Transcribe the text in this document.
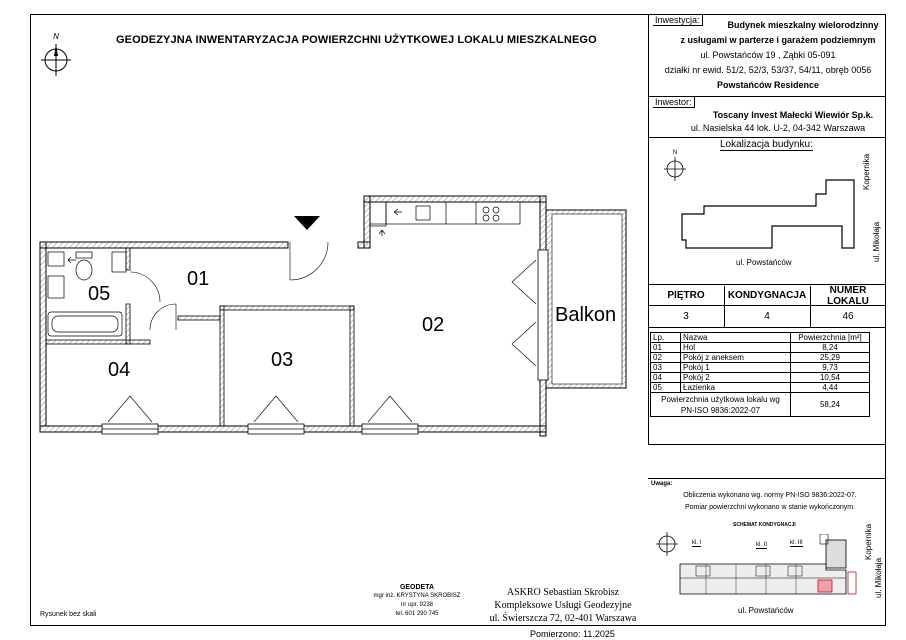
N	GEODEZYJNA INWENTARYZACJA POWIERZCHNI UŻYTKOWEJ LOKALU MIESZKALNEGO
Inwestycja:	Budynek mieszkalny wielorodzinny
z usługami w parterze i garażem podziemnym
ul. Powstańców 19 , Ząbki 05-091
działki nr ewid. 51/2, 52/3, 53/37, 54/11, obręb 0056
Powstańców Residence
Inwestor:
Toscany Invest Małecki Wiewiór Sp.k.
ul. Nasielska 44 lok. U-2, 04-342 Warszawa
Lokalizacja budynku:
N
ul. Powstańców
Kopernika
ul. Mikołaja
PIĘTRO	KONDYGNACJA	NUMER LOKALU
3	4	46
Lp.	Nazwa	Powierzchnia [m²]
01	Hol	8,24
02	Pokój z aneksem	25,29
03	Pokój 1	9,73
04	Pokój 2	10,54
05	Łazienka	4,44

Powierzchnia użytkowa lokalu wg
PN-ISO 9836:2022-07		58,24
Uwaga:
Obliczenia wykonano wg. normy PN-ISO 9836:2022-07.
Pomiar powierzchni wykonano w stanie wykończonym.
SCHEMAT KONDYGNACJI
kl. I	kl. II	kl. III
ul. Powstańców
Kopernika
ul. Mikołaja
01
02
03
04
05
Balkon
GEODETA
mgr inż. KRYSTYNA SKROBISZ
nr upr. 9238
tel. 601 290 745
ASKRO Sebastian Skrobisz
Kompleksowe Usługi Geodezyjne
ul. Świerszcza 72, 02-401 Warszawa
Pomierzono: 11.2025
Rysunek bez skali
